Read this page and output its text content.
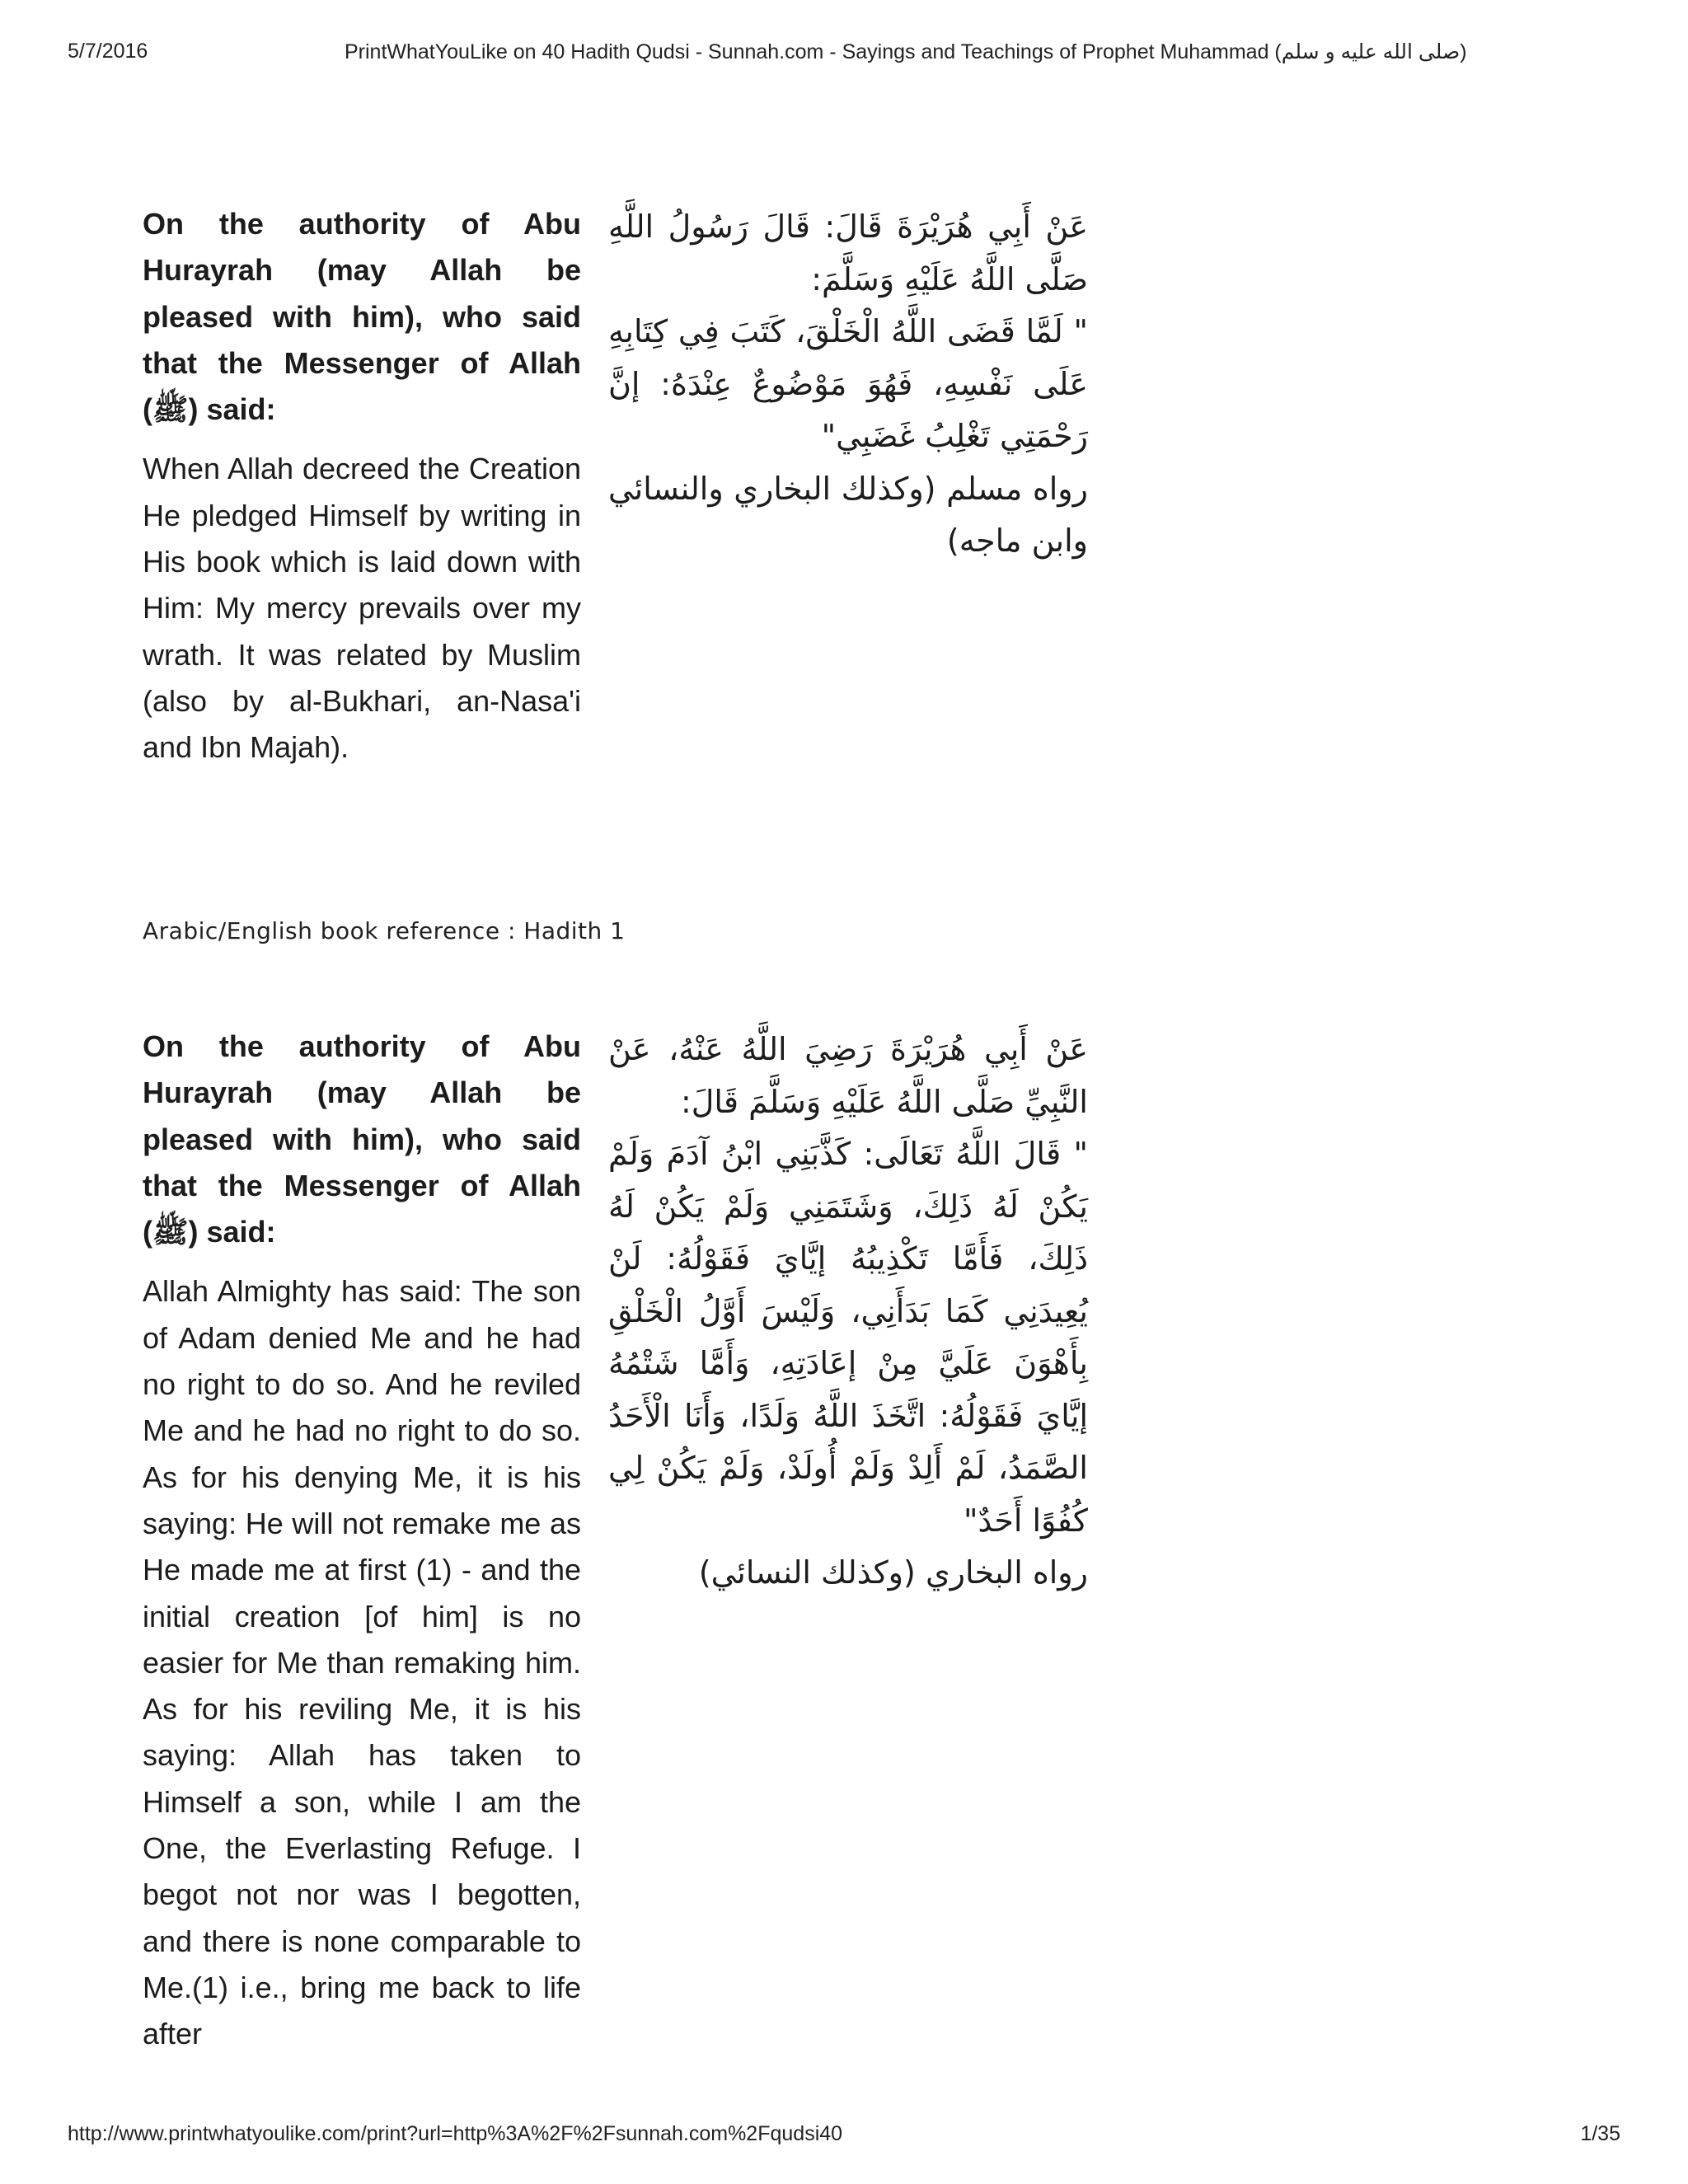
5/7/2016	PrintWhatYouLike on 40 Hadith Qudsi - Sunnah.com - Sayings and Teachings of Prophet Muhammad (صلى الله عليه و سلم)

On the authority of Abu Hurayrah (may Allah be pleased with him), who said that the Messenger of Allah (ﷺ) said:

When Allah decreed the Creation He pledged Himself by writing in His book which is laid down with Him: My mercy prevails over my wrath. It was related by Muslim (also by al-Bukhari, an-Nasa'i and Ibn Majah).

عَنْ أَبِي هُرَيْرَةَ قَالَ: قَالَ رَسُولُ اللَّهِ صَلَّى اللَّهُ عَلَيْهِ وَسَلَّمَ:
" لَمَّا قَضَى اللَّهُ الْخَلْقَ، كَتَبَ فِي كِتَابِهِ عَلَى نَفْسِهِ، فَهُوَ مَوْضُوعٌ عِنْدَهُ: إنَّ رَحْمَتِي تَغْلِبُ غَضَبِي"

رواه مسلم (وكذلك البخاري والنسائي وابن ماجه)

Arabic/English book reference : Hadith 1

On the authority of Abu Hurayrah (may Allah be pleased with him), who said that the Messenger of Allah (ﷺ) said:

Allah Almighty has said: The son of Adam denied Me and he had no right to do so. And he reviled Me and he had no right to do so. As for his denying Me, it is his saying: He will not remake me as He made me at first (1) - and the initial creation [of him] is no easier for Me than remaking him. As for his reviling Me, it is his saying: Allah has taken to Himself a son, while I am the One, the Everlasting Refuge. I begot not nor was I begotten, and there is none comparable to Me.(1) i.e., bring me back to life after

عَنْ أَبِي هُرَيْرَةَ رَضِيَ اللَّهُ عَنْهُ، عَنْ النَّبِيِّ صَلَّى اللَّهُ عَلَيْهِ وَسَلَّمَ قَالَ:
" قَالَ اللَّهُ تَعَالَى: كَذَّبَنِي ابْنُ آدَمَ وَلَمْ يَكُنْ لَهُ ذَلِكَ، وَشَتَمَنِي وَلَمْ يَكُنْ لَهُ ذَلِكَ، فَأَمَّا تَكْذِيبُهُ إيَّايَ فَقَوْلُهُ: لَنْ يُعِيدَنِي كَمَا بَدَأَنِي، وَلَيْسَ أَوَّلُ الْخَلْقِ بِأَهْوَنَ عَلَيَّ مِنْ إعَادَتِهِ، وَأَمَّا شَتْمُهُ إيَّايَ فَقَوْلُهُ: اتَّخَذَ اللَّهُ وَلَدًا، وَأَنَا الْأَحَدُ الصَّمَدُ، لَمْ أَلِدْ وَلَمْ أُولَدْ، وَلَمْ يَكُنْ لِي كُفُوًا أَحَدٌ"

رواه البخاري (وكذلك النسائي)

http://www.printwhatyoulike.com/print?url=http%3A%2F%2Fsunnah.com%2Fqudsi40	1/35
